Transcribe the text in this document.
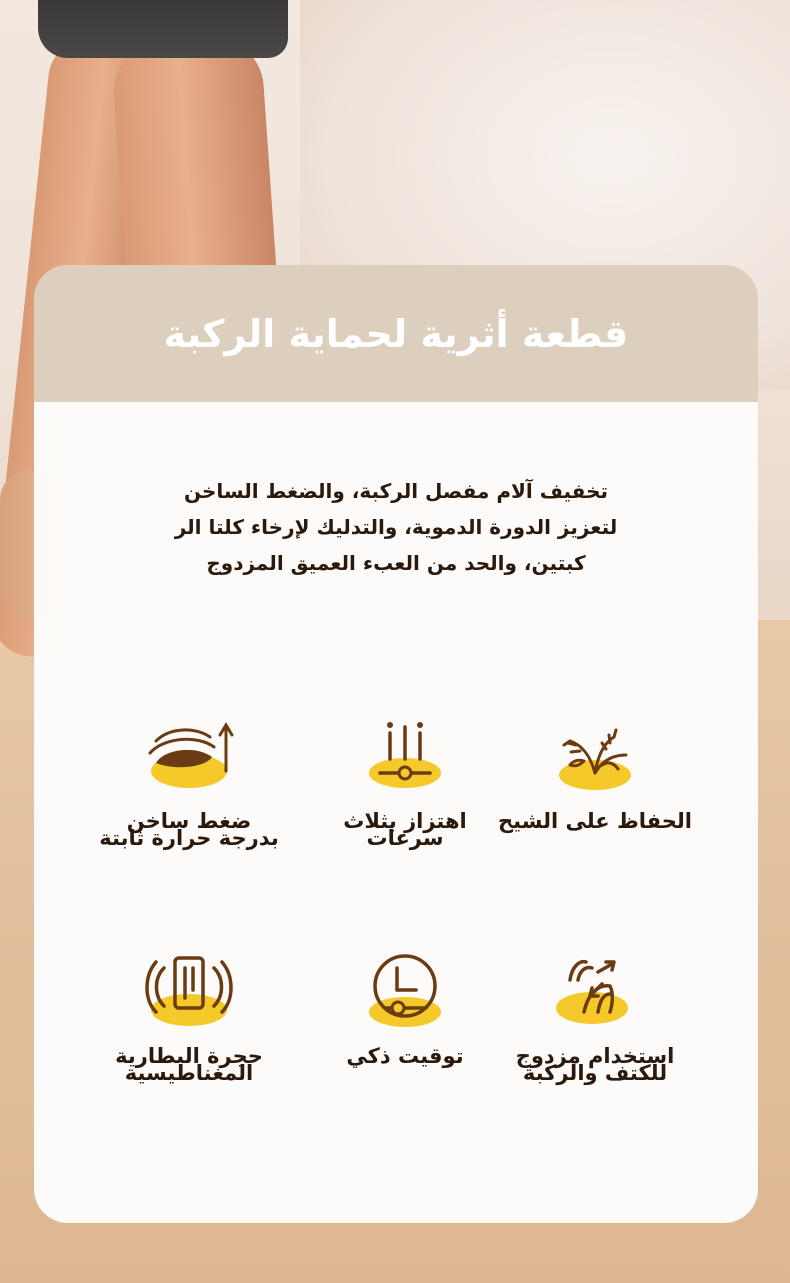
قطعة أثرية لحماية الركبة
تخفيف آلام مفصل الركبة، والضغط الساخن
لتعزيز الدورة الدموية، والتدليك لإرخاء كلتا الر
كبتين، والحد من العبء العميق المزدوج
الحفاظ على الشيح
اهتزاز بثلاث
سرعات
ضغط ساخن
بدرجة حرارة ثابتة
استخدام مزدوج
للكتف والركبة
توقيت ذكي
حجرة البطارية
المغناطيسية
